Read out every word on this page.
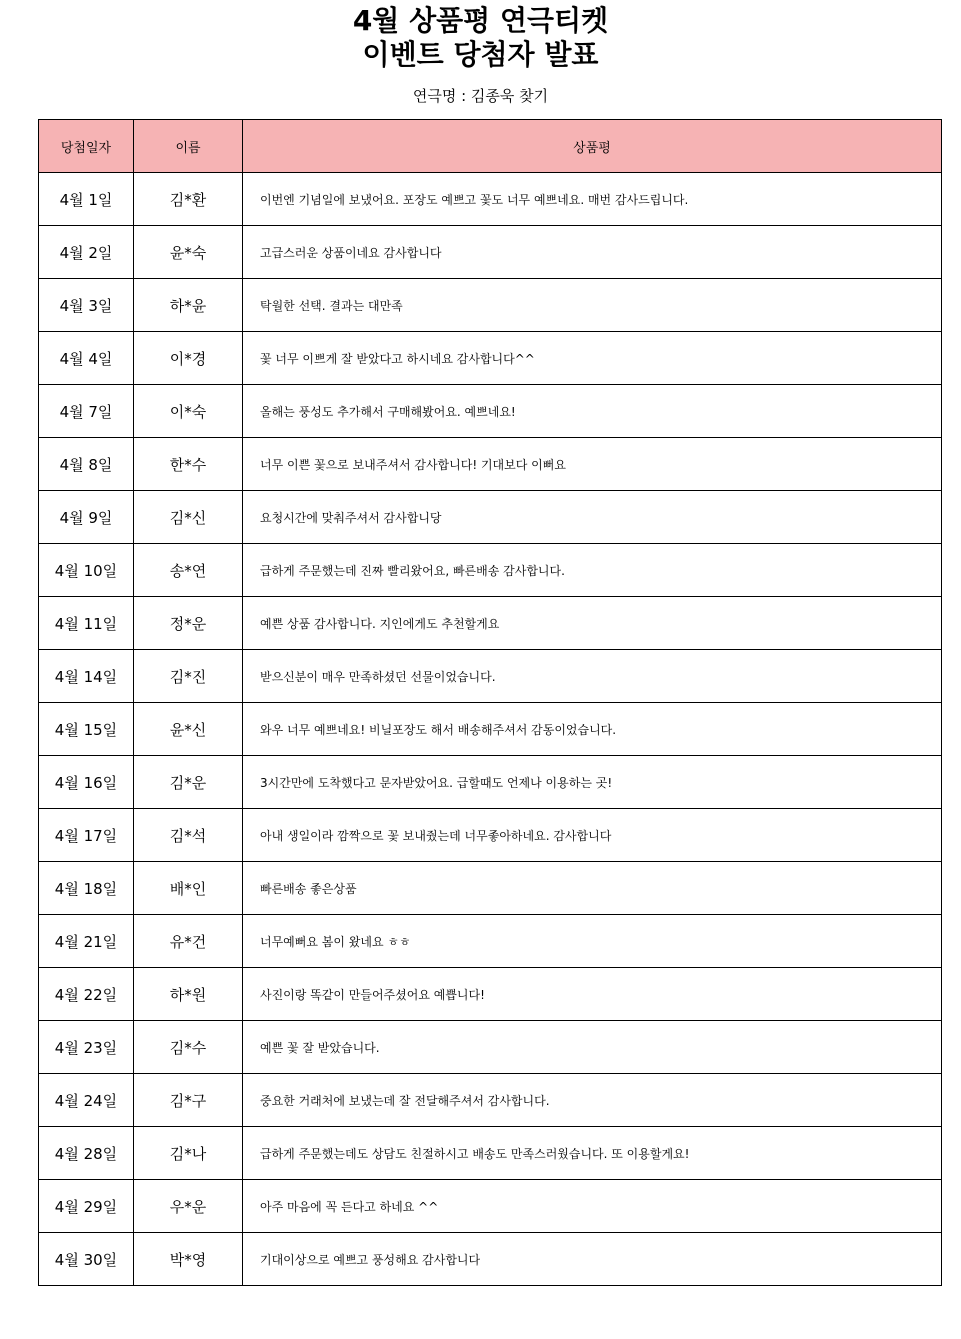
4월 상품평 연극티켓
이벤트 당첨자 발표
연극명 : 김종욱 찾기
당첨일자	이름	상품평
4월 1일	김*환	이번엔 기념일에 보냈어요. 포장도 예쁘고 꽃도 너무 예쁘네요. 매번 감사드립니다.
4월 2일	윤*숙	고급스러운 상품이네요 감사합니다
4월 3일	하*윤	탁월한 선택. 결과는 대만족
4월 4일	이*경	꽃 너무 이쁘게 잘 받았다고 하시네요 감사합니다^^
4월 7일	이*숙	올해는 풍성도 추가해서 구매해봤어요. 예쁘네요!
4월 8일	한*수	너무 이쁜 꽃으로 보내주셔서 감사합니다! 기대보다 이뻐요
4월 9일	김*신	요청시간에 맞춰주셔서 감사합니당
4월 10일	송*연	급하게 주문했는데 진짜 빨리왔어요, 빠른배송 감사합니다.
4월 11일	정*운	예쁜 상품 감사합니다. 지인에게도 추천할게요
4월 14일	김*진	받으신분이 매우 만족하셨던 선물이었습니다.
4월 15일	윤*신	와우 너무 예쁘네요! 비닐포장도 해서 배송해주셔서 감동이었습니다.
4월 16일	김*운	3시간만에 도착했다고 문자받았어요. 급할때도 언제나 이용하는 곳!
4월 17일	김*석	아내 생일이라 깜짝으로 꽃 보내줬는데 너무좋아하네요. 감사합니다
4월 18일	배*인	빠른배송 좋은상품
4월 21일	유*건	너무예뻐요 봄이 왔네요 ㅎㅎ
4월 22일	하*원	사진이랑 똑같이 만들어주셨어요 예쁩니다!
4월 23일	김*수	예쁜 꽃 잘 받았습니다.
4월 24일	김*구	중요한 거래처에 보냈는데 잘 전달해주셔서 감사합니다.
4월 28일	김*나	급하게 주문했는데도 상담도 친절하시고 배송도 만족스러웠습니다. 또 이용할게요!
4월 29일	우*운	아주 마음에 꼭 든다고 하네요 ^^
4월 30일	박*영	기대이상으로 예쁘고 풍성해요 감사합니다
